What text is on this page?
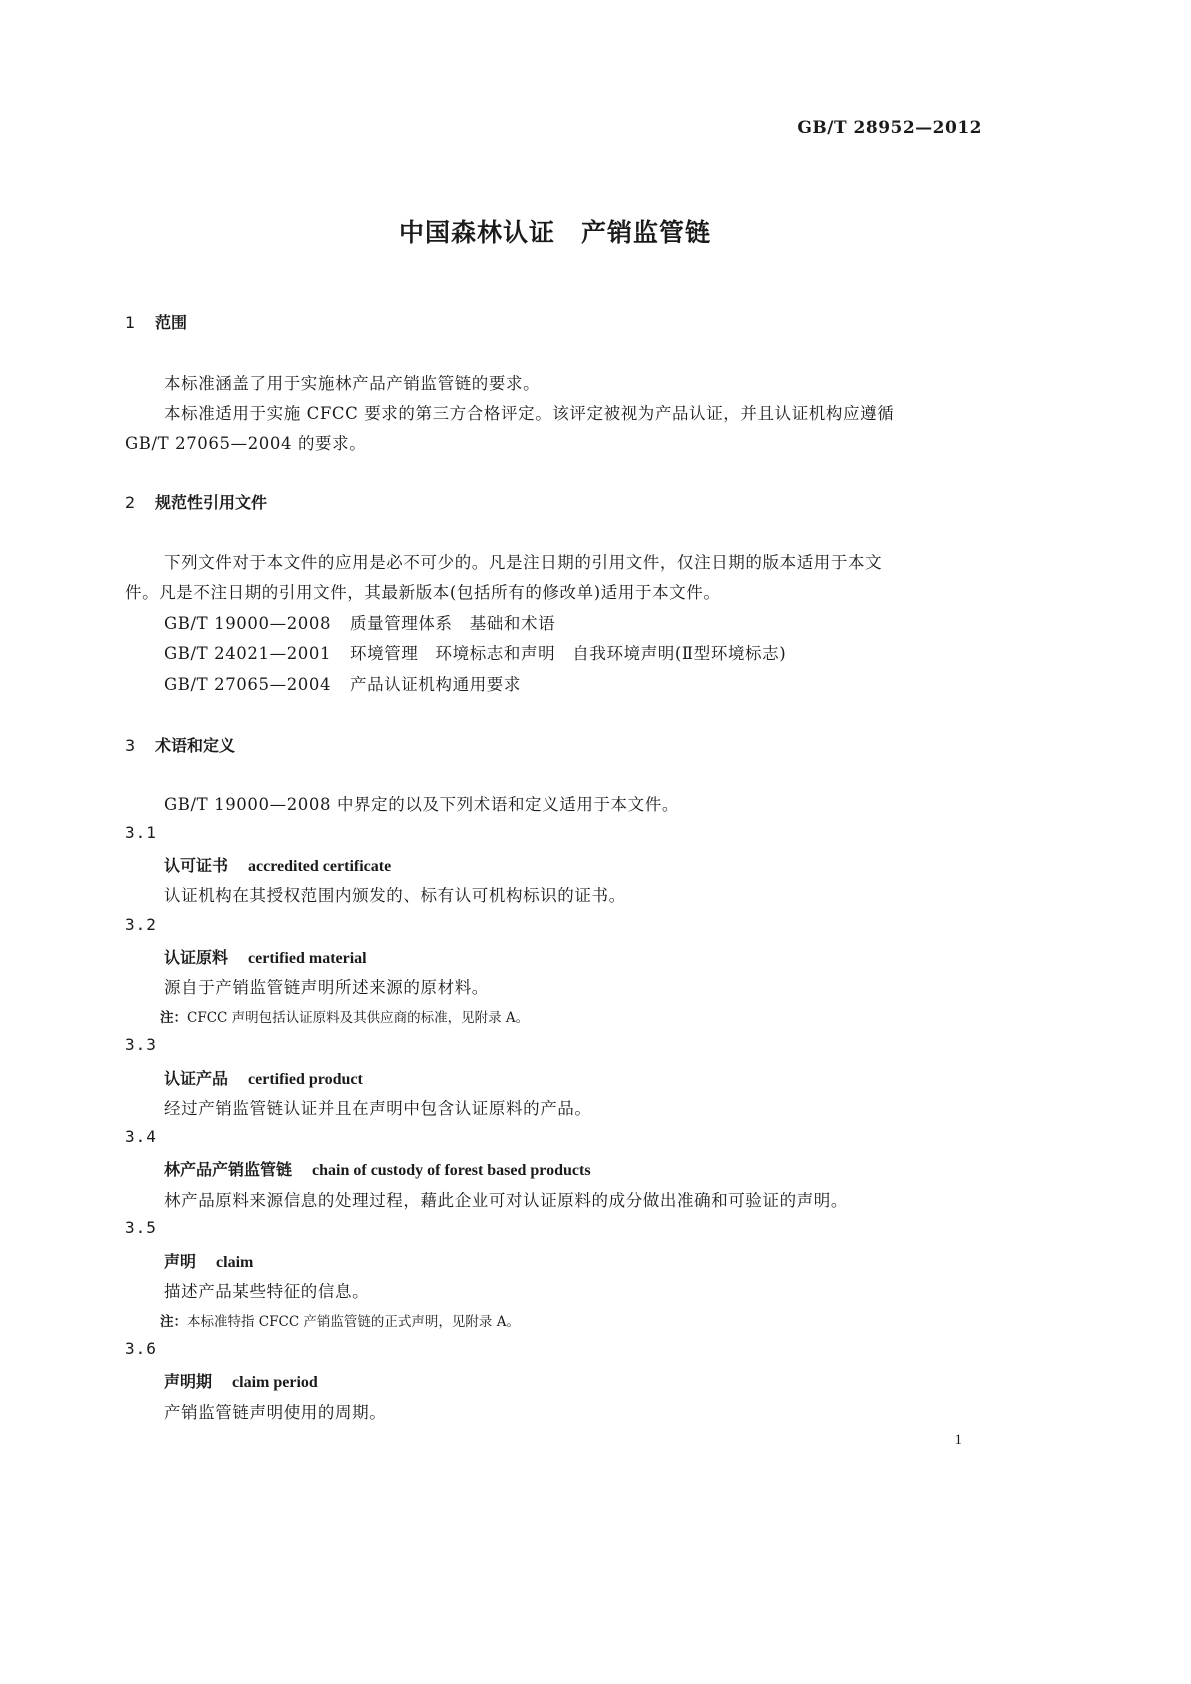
GB/T 28952—2012
中国森林认证　产销监管链
1 范围
本标准涵盖了用于实施林产品产销监管链的要求。
本标准适用于实施 CFCC 要求的第三方合格评定。该评定被视为产品认证，并且认证机构应遵循
GB/T 27065—2004 的要求。
2 规范性引用文件
下列文件对于本文件的应用是必不可少的。凡是注日期的引用文件，仅注日期的版本适用于本文
件。凡是不注日期的引用文件，其最新版本(包括所有的修改单)适用于本文件。
GB/T 19000—2008 质量管理体系　基础和术语
GB/T 24021—2001 环境管理　环境标志和声明　自我环境声明(Ⅱ型环境标志)
GB/T 27065—2004 产品认证机构通用要求
3 术语和定义
GB/T 19000—2008 中界定的以及下列术语和定义适用于本文件。
3.1
认可证书 accredited certificate
认证机构在其授权范围内颁发的、标有认可机构标识的证书。
3.2
认证原料 certified material
源自于产销监管链声明所述来源的原材料。
注：CFCC 声明包括认证原料及其供应商的标准，见附录 A。
3.3
认证产品 certified product
经过产销监管链认证并且在声明中包含认证原料的产品。
3.4
林产品产销监管链 chain of custody of forest based products
林产品原料来源信息的处理过程，藉此企业可对认证原料的成分做出准确和可验证的声明。
3.5
声明 claim
描述产品某些特征的信息。
注：本标准特指 CFCC 产销监管链的正式声明，见附录 A。
3.6
声明期 claim period
产销监管链声明使用的周期。
1
